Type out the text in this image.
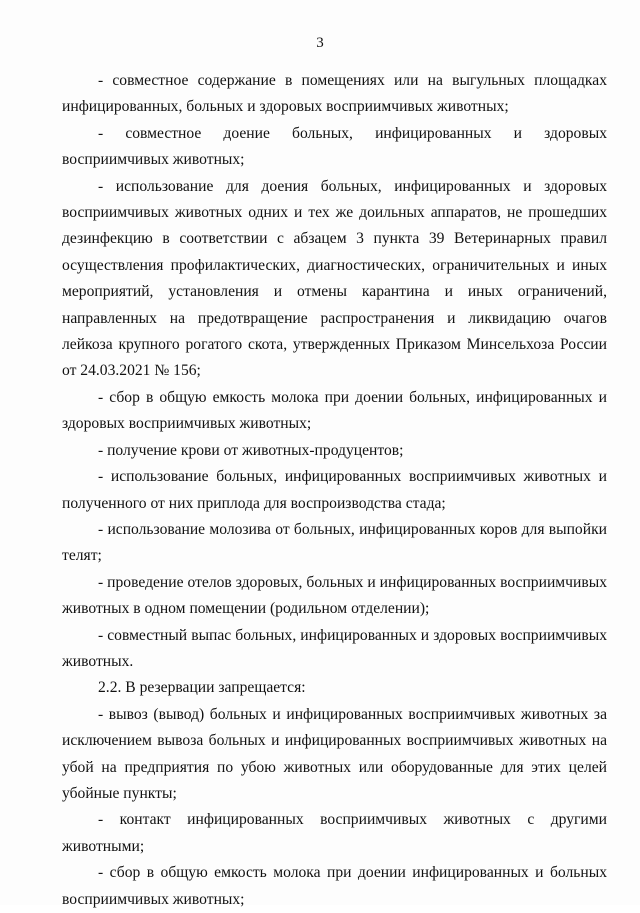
3

- совместное содержание в помещениях или на выгульных площадках инфицированных, больных и здоровых восприимчивых животных;

- совместное доение больных, инфицированных и здоровых восприимчивых животных;

- использование для доения больных, инфицированных и здоровых восприимчивых животных одних и тех же доильных аппаратов, не прошедших дезинфекцию в соответствии с абзацем 3 пункта 39 Ветеринарных правил осуществления профилактических, диагностических, ограничительных и иных мероприятий, установления и отмены карантина и иных ограничений, направленных на предотвращение распространения и ликвидацию очагов лейкоза крупного рогатого скота, утвержденных Приказом Минсельхоза России от 24.03.2021 № 156;

- сбор в общую емкость молока при доении больных, инфицированных и здоровых восприимчивых животных;

- получение крови от животных-продуцентов;

- использование больных, инфицированных восприимчивых животных и полученного от них приплода для воспроизводства стада;

- использование молозива от больных, инфицированных коров для выпойки телят;

- проведение отелов здоровых, больных и инфицированных восприимчивых животных в одном помещении (родильном отделении);

- совместный выпас больных, инфицированных и здоровых восприимчивых животных.

2.2. В резервации запрещается:

- вывоз (вывод) больных и инфицированных восприимчивых животных за исключением вывоза больных и инфицированных восприимчивых животных на убой на предприятия по убою животных или оборудованные для этих целей убойные пункты;

- контакт инфицированных восприимчивых животных с другими животными;

- сбор в общую емкость молока при доении инфицированных и больных восприимчивых животных;
